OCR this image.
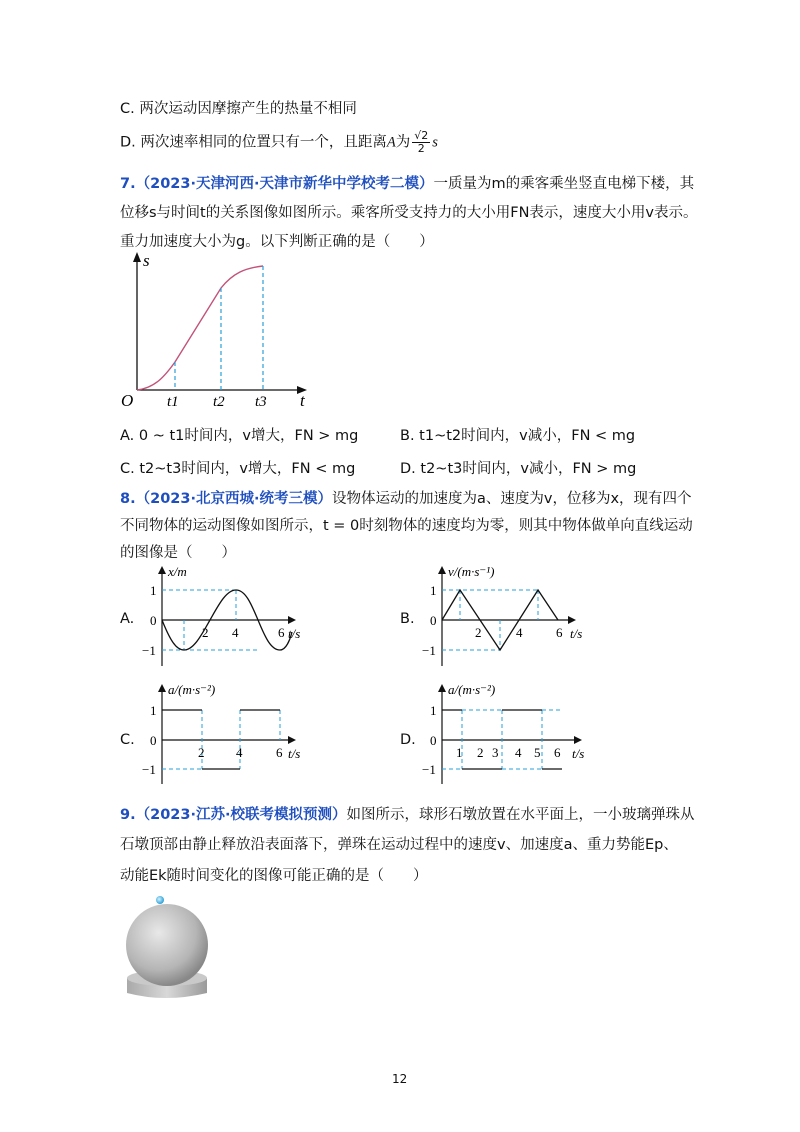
C. 两次运动因摩擦产生的热量不相同
D. 两次速率相同的位置只有一个，且距离A为 $\frac{√2}{2}$ s
7.（2023·天津河西·天津市新华中学校考二模）一质量为m的乘客乘坐竖直电梯下楼，其
位移s与时间t的关系图像如图所示。乘客所受支持力的大小用FN表示，速度大小用v表示。
重力加速度大小为g。以下判断正确的是（　　）
s
t
O t1 t2 t3
A. 0 ~ t1时间内，v增大，FN > mg	B. t1~t2时间内，v减小，FN < mg
C. t2~t3时间内，v增大，FN < mg	D. t2~t3时间内，v减小，FN > mg
8.（2023·北京西城·统考三模）设物体运动的加速度为a、速度为v，位移为x，现有四个
不同物体的运动图像如图所示，t = 0时刻物体的速度均为零，则其中物体做单向直线运动
的图像是（　　）
A.
x/m
t/s
1
0
−1
2 4	6
B.
v/(m·s⁻¹)
t/s
1
0
−1
2	4	6
C.
a/(m·s⁻²)
t/s
1
0
−1
2 4	6
D.
a/(m·s⁻²)
t/s
1
0
−1
1 2 3 4 5 6
9.（2023·江苏·校联考模拟预测）如图所示，球形石墩放置在水平面上，一小玻璃弹珠从
石墩顶部由静止释放沿表面落下，弹珠在运动过程中的速度v、加速度a、重力势能Ep、
动能Ek随时间变化的图像可能正确的是（　　）
12
